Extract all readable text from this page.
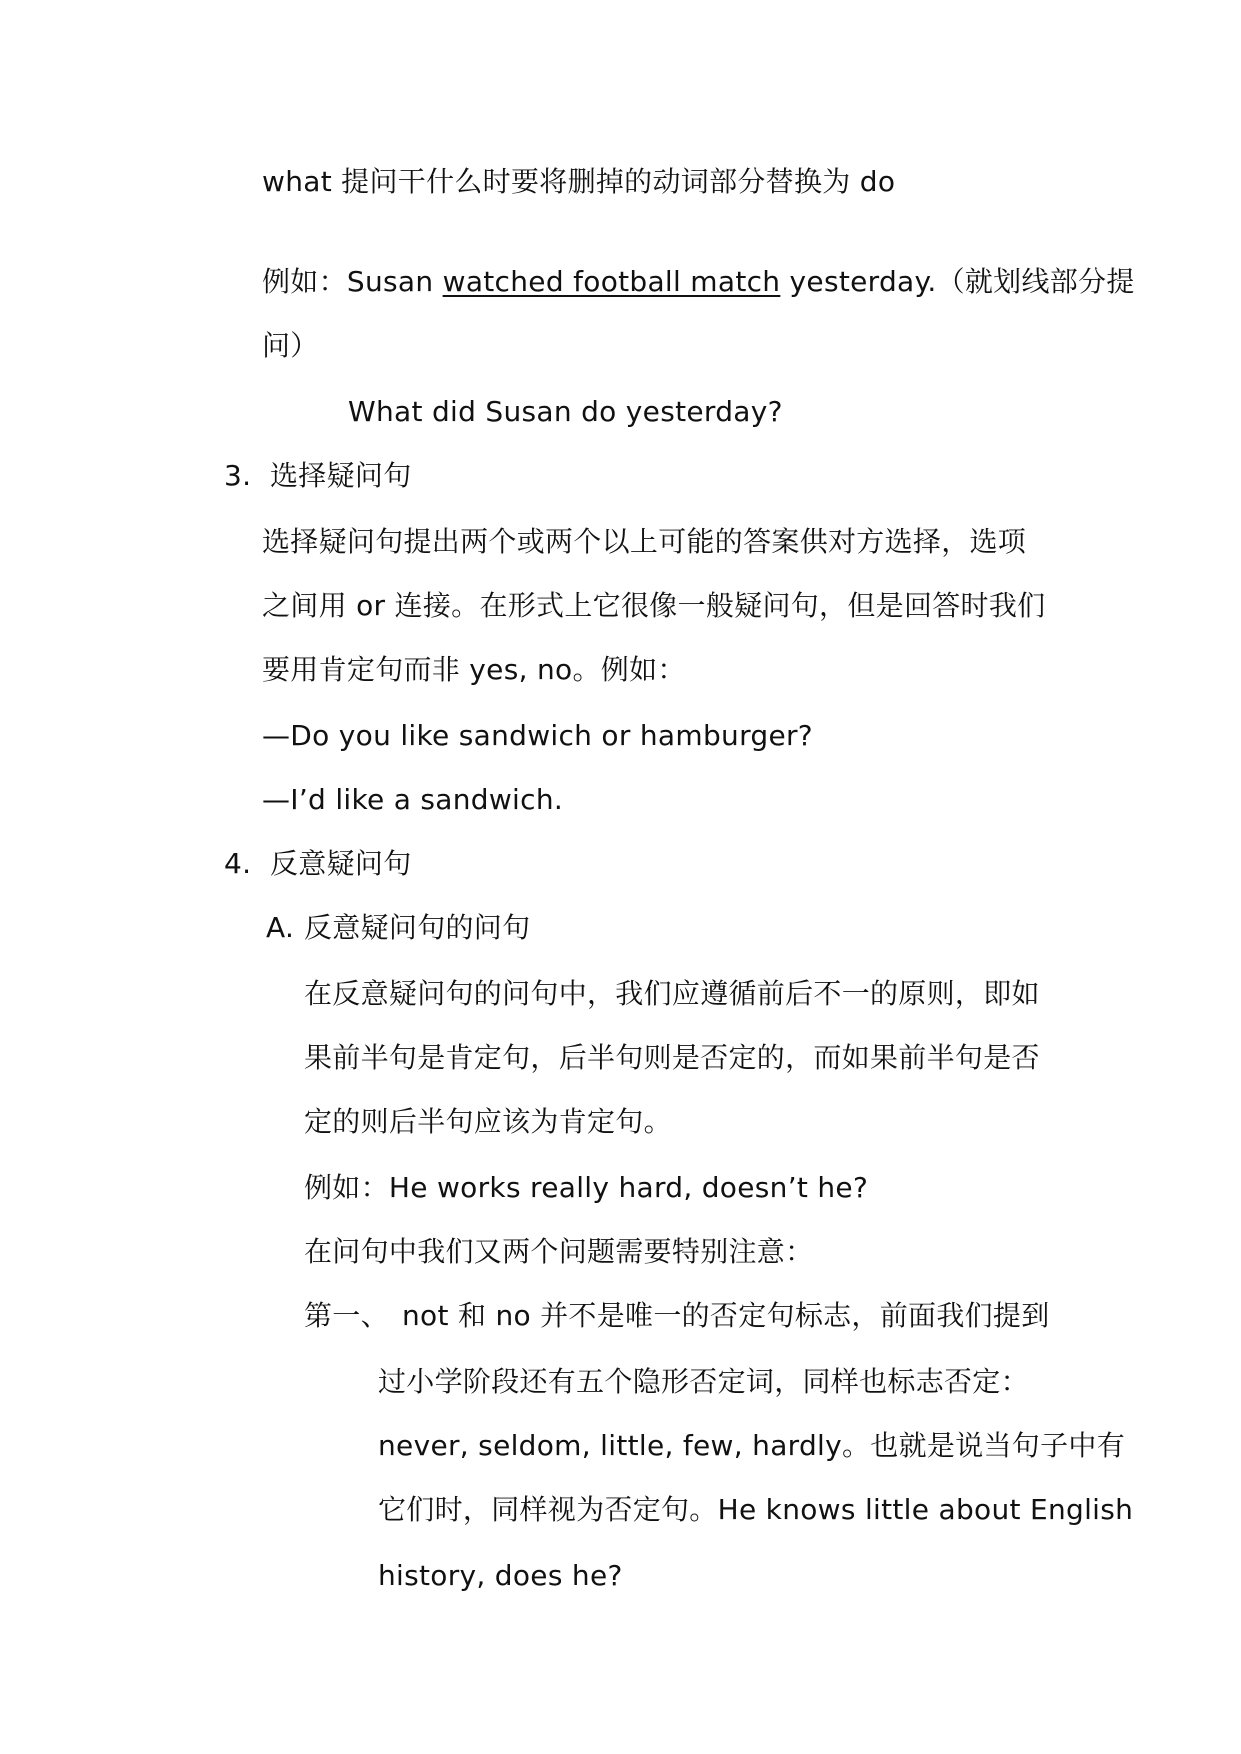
what 提问干什么时要将删掉的动词部分替换为 do
例如：Susan watched football match yesterday.（就划线部分提
问）
What did Susan do yesterday?
3. 选择疑问句
选择疑问句提出两个或两个以上可能的答案供对方选择，选项
之间用 or 连接。在形式上它很像一般疑问句，但是回答时我们
要用肯定句而非 yes, no。例如：
—Do you like sandwich or hamburger?
—I’d like a sandwich.
4. 反意疑问句
A. 反意疑问句的问句
在反意疑问句的问句中，我们应遵循前后不一的原则，即如
果前半句是肯定句，后半句则是否定的，而如果前半句是否
定的则后半句应该为肯定句。
例如：He works really hard, doesn’t he?
在问句中我们又两个问题需要特别注意：
第一、 not 和 no 并不是唯一的否定句标志，前面我们提到
过小学阶段还有五个隐形否定词，同样也标志否定：
never, seldom, little, few, hardly。也就是说当句子中有
它们时，同样视为否定句。He knows little about English
history, does he?
